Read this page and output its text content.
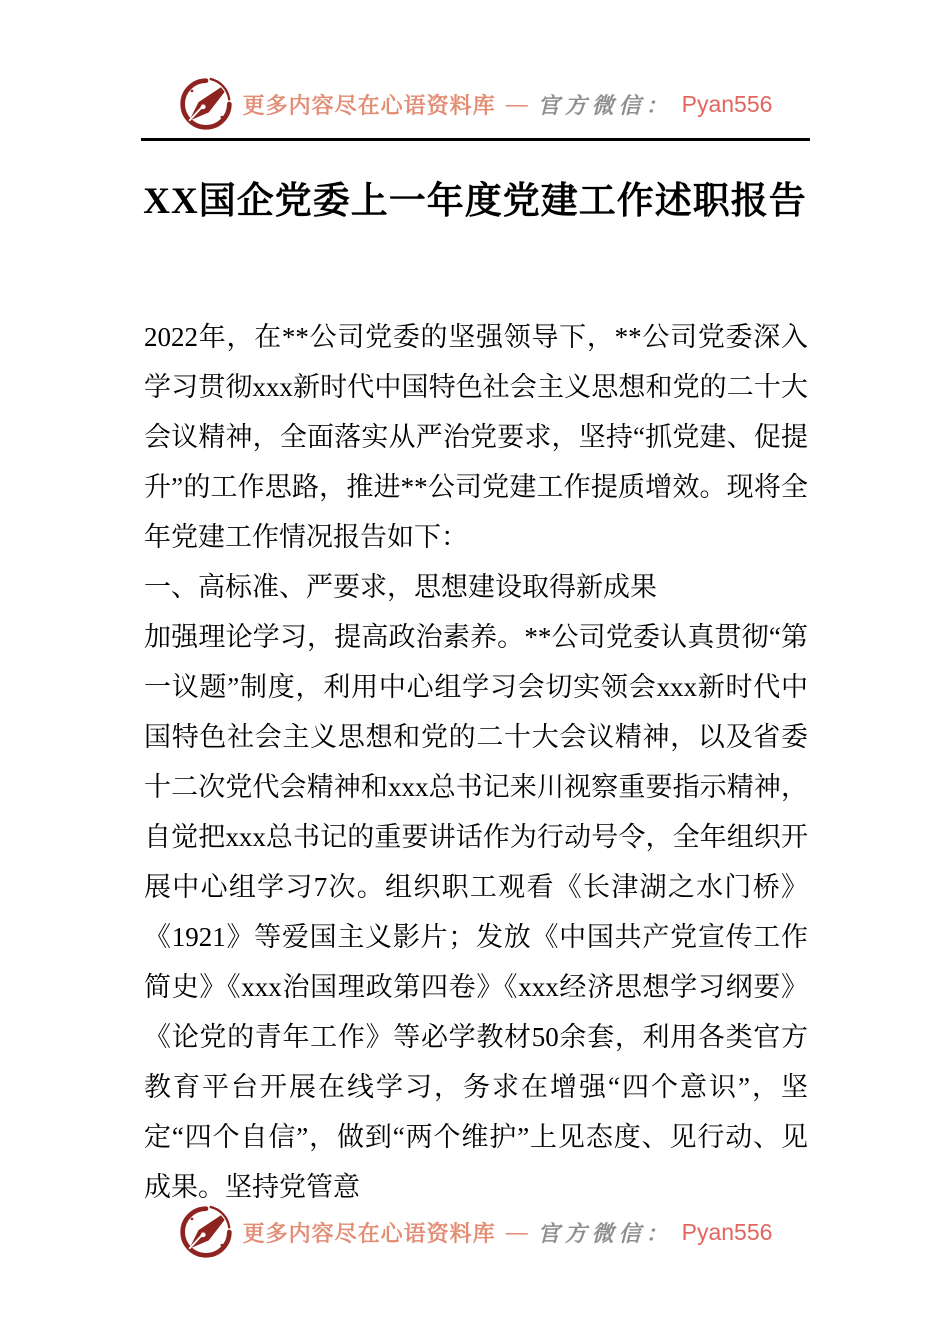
更多内容尽在心语资料库 — 官方微信： Pyan556
XX国企党委上一年度党建工作述职报告

2022年，在**公司党委的坚强领导下，**公司党委深入学习贯彻xxx新时代中国特色社会主义思想和党的二十大会议精神，全面落实从严治党要求，坚持“抓党建、促提升”的工作思路，推进**公司党建工作提质增效。现将全年党建工作情况报告如下：

一、高标准、严要求，思想建设取得新成果

加强理论学习，提高政治素养。**公司党委认真贯彻“第一议题”制度，利用中心组学习会切实领会xxx新时代中国特色社会主义思想和党的二十大会议精神，以及省委十二次党代会精神和xxx总书记来川视察重要指示精神，自觉把xxx总书记的重要讲话作为行动号令，全年组织开展中心组学习7次。组织职工观看《长津湖之水门桥》《1921》等爱国主义影片；发放《中国共产党宣传工作简史》《xxx治国理政第四卷》《xxx经济思想学习纲要》《论党的青年工作》等必学教材50余套，利用各类官方教育平台开展在线学习，务求在增强“四个意识”，坚定“四个自信”，做到“两个维护”上见态度、见行动、见成果。坚持党管意

更多内容尽在心语资料库 — 官方微信： Pyan556
